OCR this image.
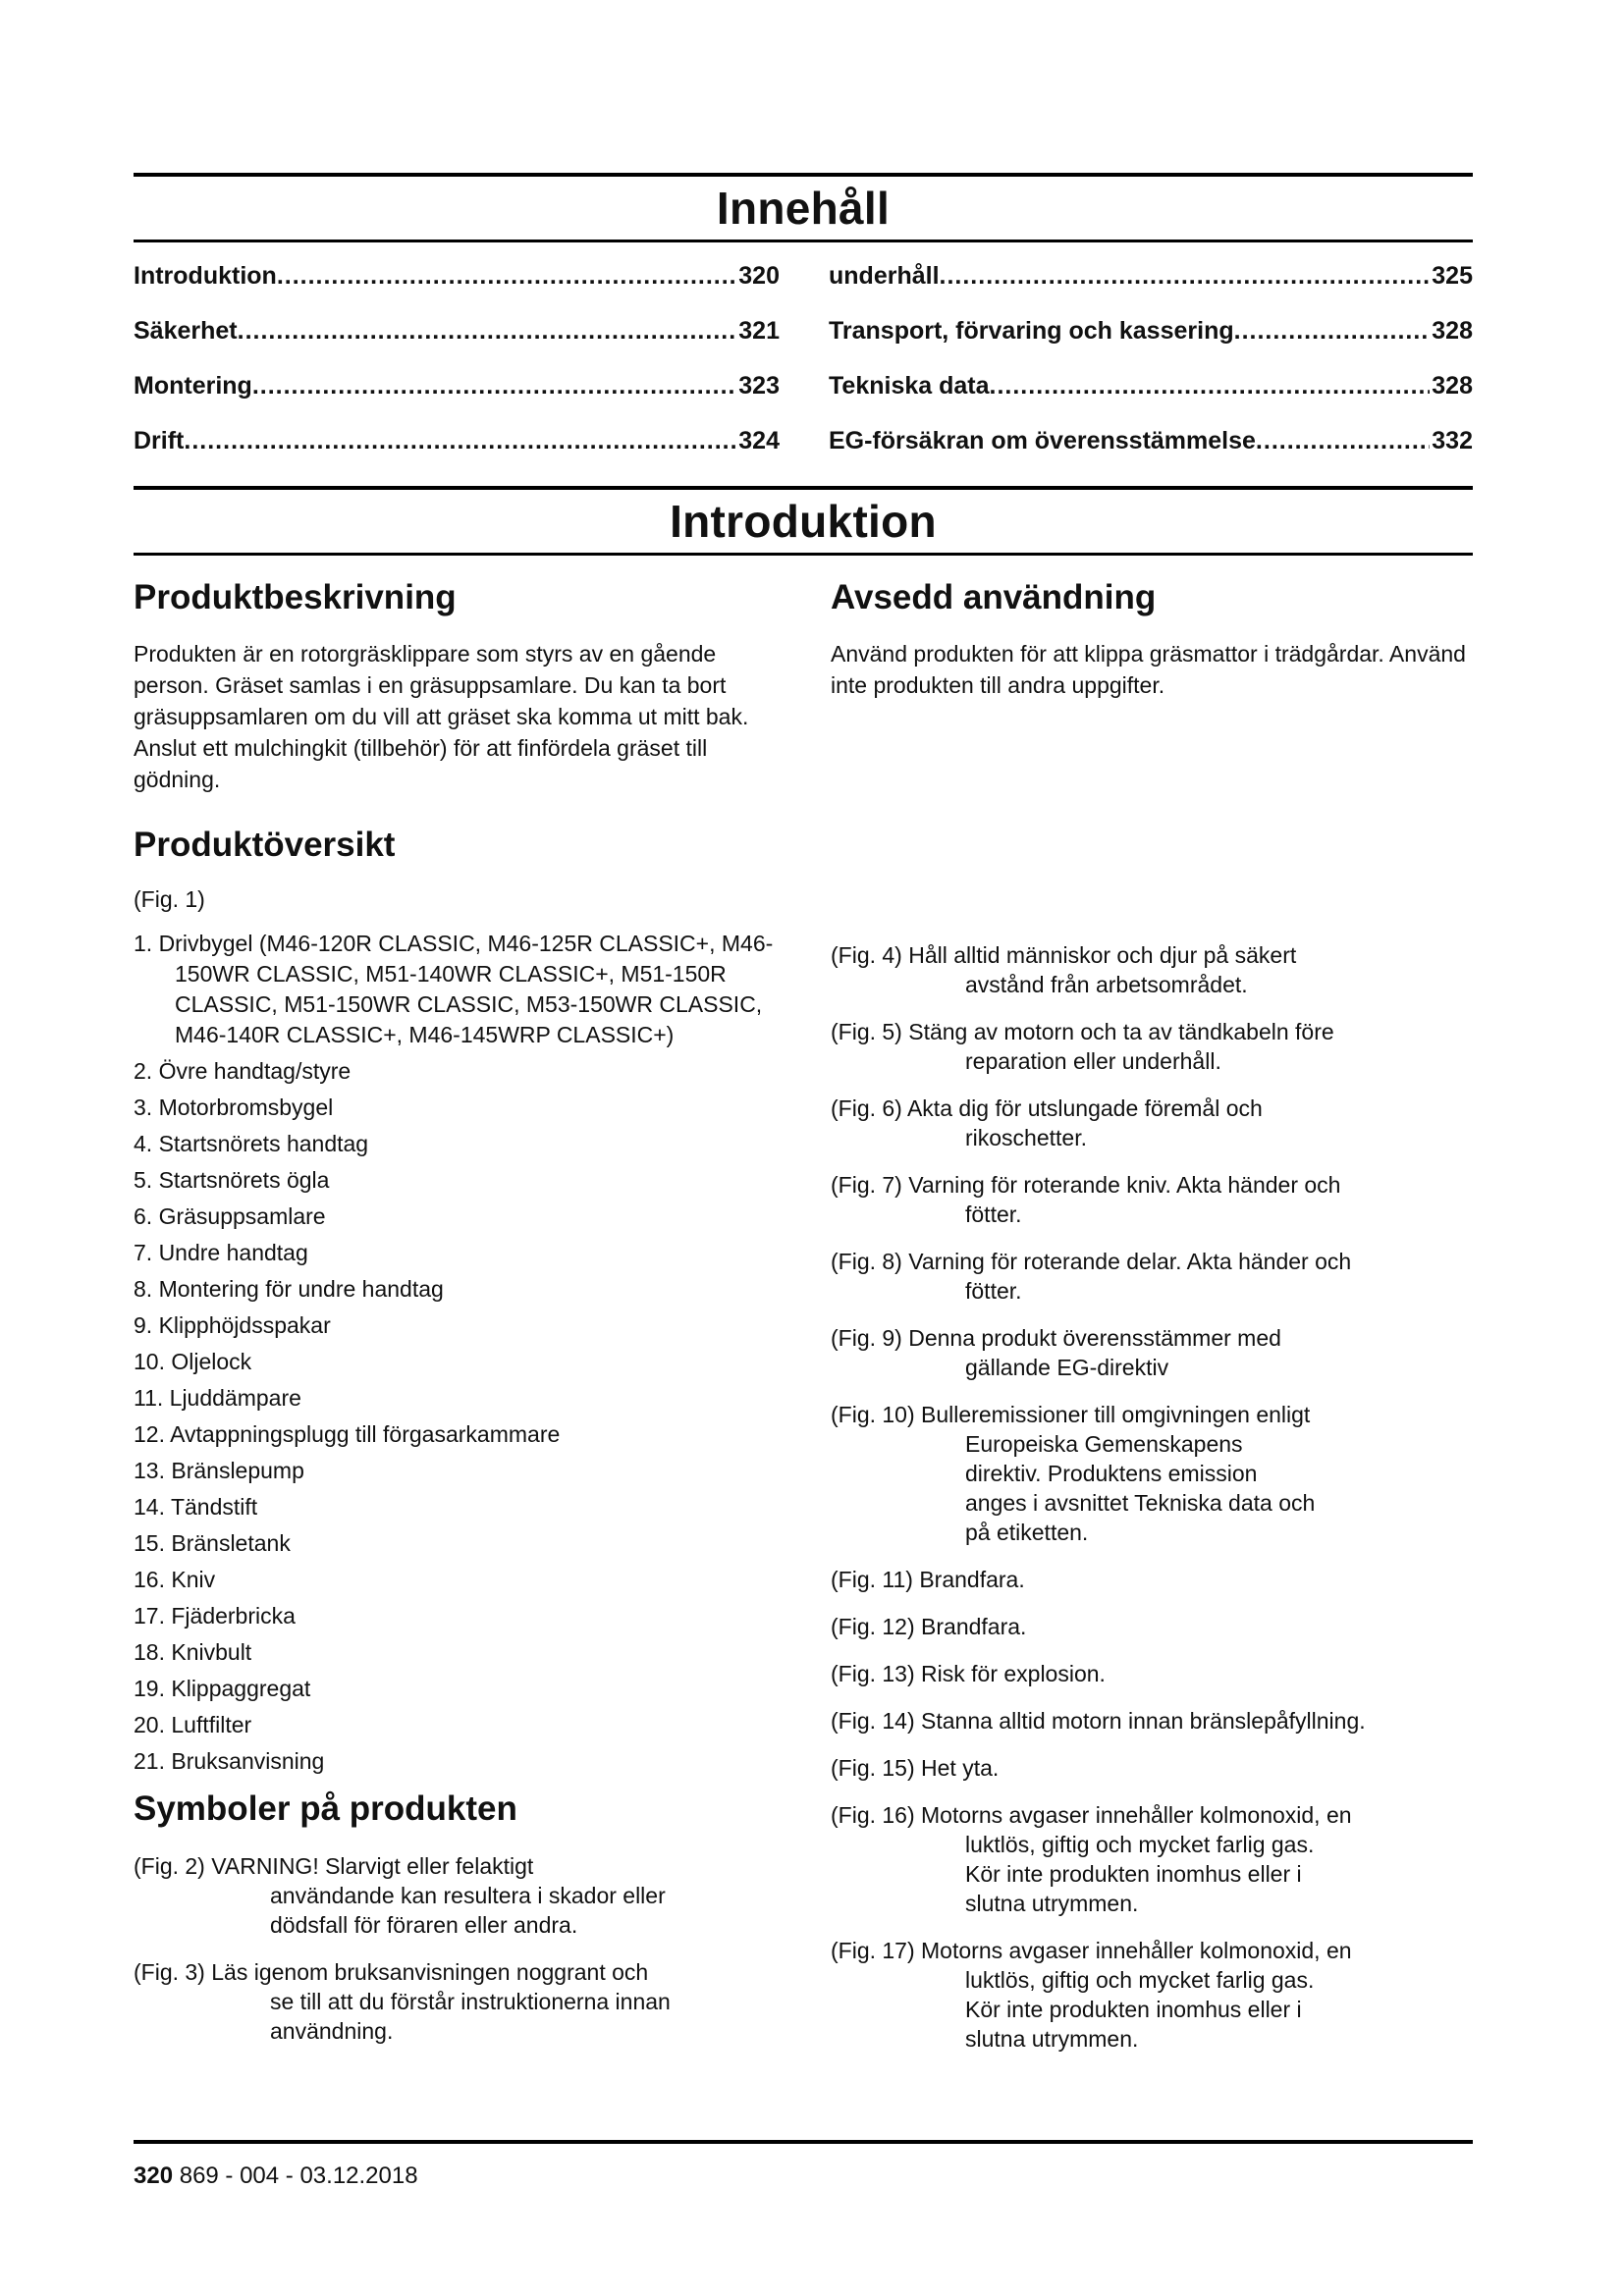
Innehåll
Introduktion .....	320
Säkerhet .....	321
Montering .....	323
Drift .....	324
underhåll .....	325
Transport, förvaring och kassering .....	328
Tekniska data .....	328
EG-försäkran om överensstämmelse .....	332
Introduktion
Produktbeskrivning

Produkten är en rotorgräsklippare som styrs av en gående person. Gräset samlas i en gräsuppsamlare. Du kan ta bort gräsuppsamlaren om du vill att gräset ska komma ut mitt bak. Anslut ett mulchingkit (tillbehör) för att finfördela gräset till gödning.

Produktöversikt

(Fig. 1)

1. Drivbygel (M46-120R CLASSIC, M46-125R CLASSIC+, M46-150WR CLASSIC, M51-140WR CLASSIC+, M51-150R CLASSIC, M51-150WR CLASSIC, M53-150WR CLASSIC, M46-140R CLASSIC+, M46-145WRP CLASSIC+)
2. Övre handtag/styre
3. Motorbromsbygel
4. Startsnörets handtag
5. Startsnörets ögla
6. Gräsuppsamlare
7. Undre handtag
8. Montering för undre handtag
9. Klipphöjdsspakar
10. Oljelock
11. Ljuddämpare
12. Avtappningsplugg till förgasarkammare
13. Bränslepump
14. Tändstift
15. Bränsletank
16. Kniv
17. Fjäderbricka
18. Knivbult
19. Klippaggregat
20. Luftfilter
21. Bruksanvisning
Symboler på produkten
(Fig. 2) VARNING! Slarvigt eller felaktigt
användande kan resultera i skador eller dödsfall för föraren eller andra.
(Fig. 3) Läs igenom bruksanvisningen noggrant och
se till att du förstår instruktionerna innan användning.
Avsedd användning

Använd produkten för att klippa gräsmattor i trädgårdar. Använd inte produkten till andra uppgifter.

(Fig. 4) Håll alltid människor och djur på säkert
avstånd från arbetsområdet.
(Fig. 5) Stäng av motorn och ta av tändkabeln före
reparation eller underhåll.
(Fig. 6) Akta dig för utslungade föremål och
rikoschetter.
(Fig. 7) Varning för roterande kniv. Akta händer och
fötter.
(Fig. 8) Varning för roterande delar. Akta händer och
fötter.
(Fig. 9) Denna produkt överensstämmer med
gällande EG-direktiv
(Fig. 10) Bulleremissioner till omgivningen enligt
Europeiska Gemenskapens direktiv. Produktens emission anges i avsnittet Tekniska data och på etiketten.
(Fig. 11) Brandfara.
(Fig. 12) Brandfara.
(Fig. 13) Risk för explosion.
(Fig. 14) Stanna alltid motorn innan bränslepåfyllning.
(Fig. 15) Het yta.
(Fig. 16) Motorns avgaser innehåller kolmonoxid, en
luktlös, giftig och mycket farlig gas. Kör inte produkten inomhus eller i slutna utrymmen.
(Fig. 17) Motorns avgaser innehåller kolmonoxid, en
luktlös, giftig och mycket farlig gas. Kör inte produkten inomhus eller i slutna utrymmen.
320 869 - 004 - 03.12.2018
